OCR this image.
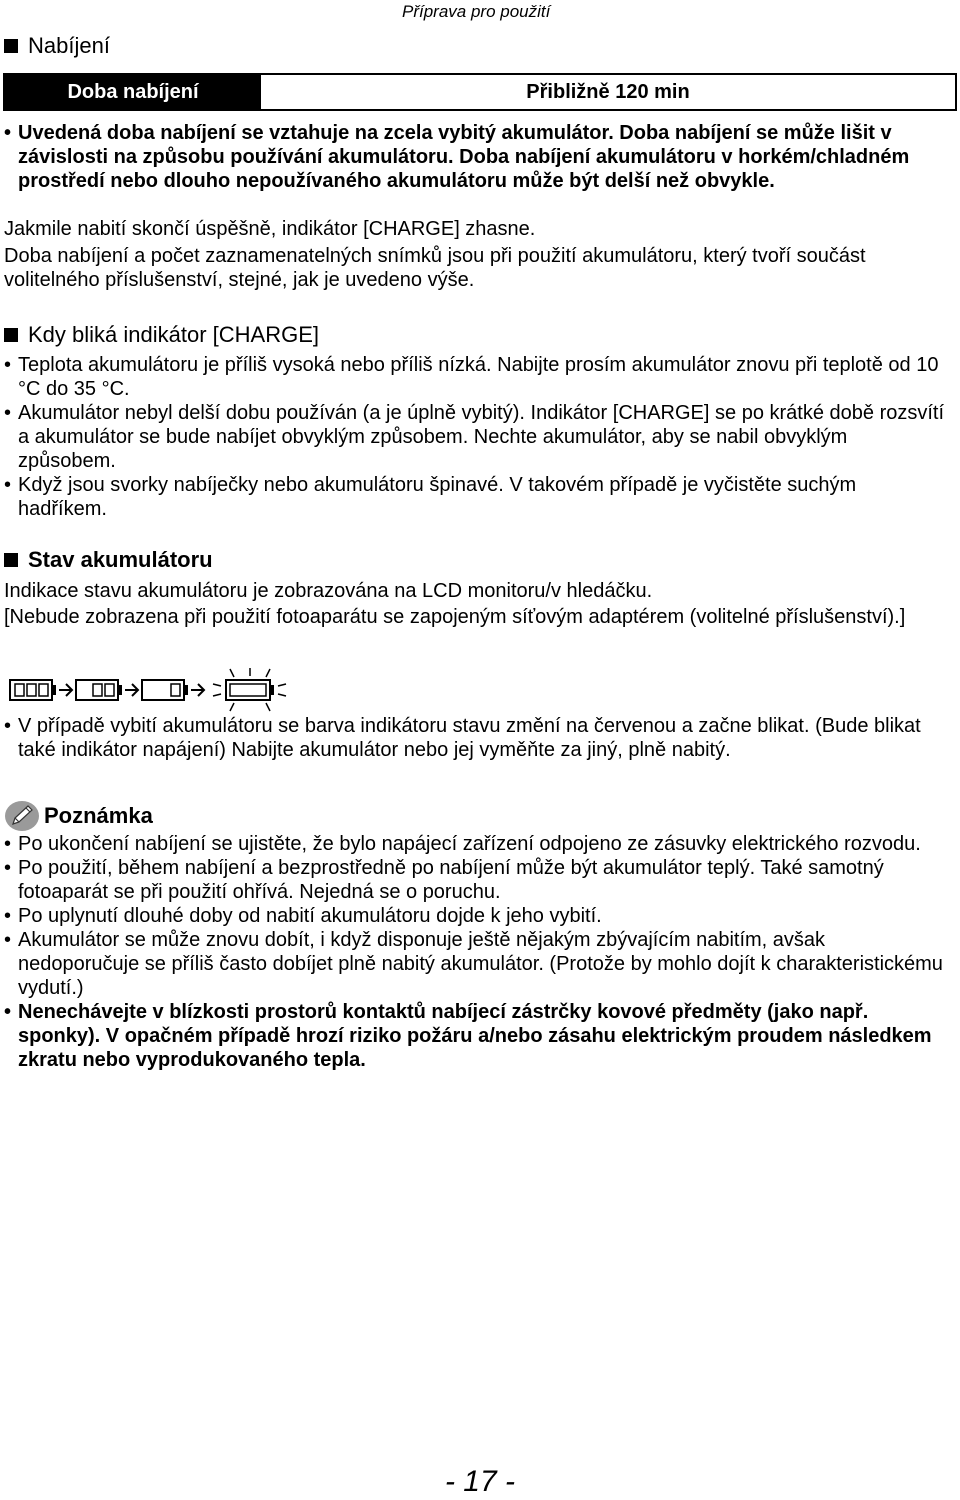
Příprava pro použití
Nabíjení
Doba nabíjení	Přibližně 120 min
• Uvedená doba nabíjení se vztahuje na zcela vybitý akumulátor. Doba nabíjení se může lišit v závislosti na způsobu používání akumulátoru. Doba nabíjení akumulátoru v horkém/chladném prostředí nebo dlouho nepoužívaného akumulátoru může být delší než obvykle.
Jakmile nabití skončí úspěšně, indikátor [CHARGE] zhasne.
Doba nabíjení a počet zaznamenatelných snímků jsou při použití akumulátoru, který tvoří součást volitelného příslušenství, stejné, jak je uvedeno výše.
Kdy bliká indikátor [CHARGE]
• Teplota akumulátoru je příliš vysoká nebo příliš nízká. Nabijte prosím akumulátor znovu při teplotě od 10 °C do 35 °C.
• Akumulátor nebyl delší dobu používán (a je úplně vybitý). Indikátor [CHARGE] se po krátké době rozsvítí a akumulátor se bude nabíjet obvyklým způsobem. Nechte akumulátor, aby se nabil obvyklým způsobem.
• Když jsou svorky nabíječky nebo akumulátoru špinavé. V takovém případě je vyčistěte suchým hadříkem.
Stav akumulátoru
Indikace stavu akumulátoru je zobrazována na LCD monitoru/v hledáčku.
[Nebude zobrazena při použití fotoaparátu se zapojeným síťovým adaptérem (volitelné příslušenství).]
• V případě vybití akumulátoru se barva indikátoru stavu změní na červenou a začne blikat. (Bude blikat také indikátor napájení) Nabijte akumulátor nebo jej vyměňte za jiný, plně nabitý.
Poznámka
• Po ukončení nabíjení se ujistěte, že bylo napájecí zařízení odpojeno ze zásuvky elektrického rozvodu.
• Po použití, během nabíjení a bezprostředně po nabíjení může být akumulátor teplý. Také samotný fotoaparát se při použití ohřívá. Nejedná se o poruchu.
• Po uplynutí dlouhé doby od nabití akumulátoru dojde k jeho vybití.
• Akumulátor se může znovu dobít, i když disponuje ještě nějakým zbývajícím nabitím, avšak nedoporučuje se příliš často dobíjet plně nabitý akumulátor. (Protože by mohlo dojít k charakteristickému vydutí.)
• Nenechávejte v blízkosti prostorů kontaktů nabíjecí zástrčky kovové předměty (jako např. sponky). V opačném případě hrozí riziko požáru a/nebo zásahu elektrickým proudem následkem zkratu nebo vyprodukovaného tepla.
- 17 -
